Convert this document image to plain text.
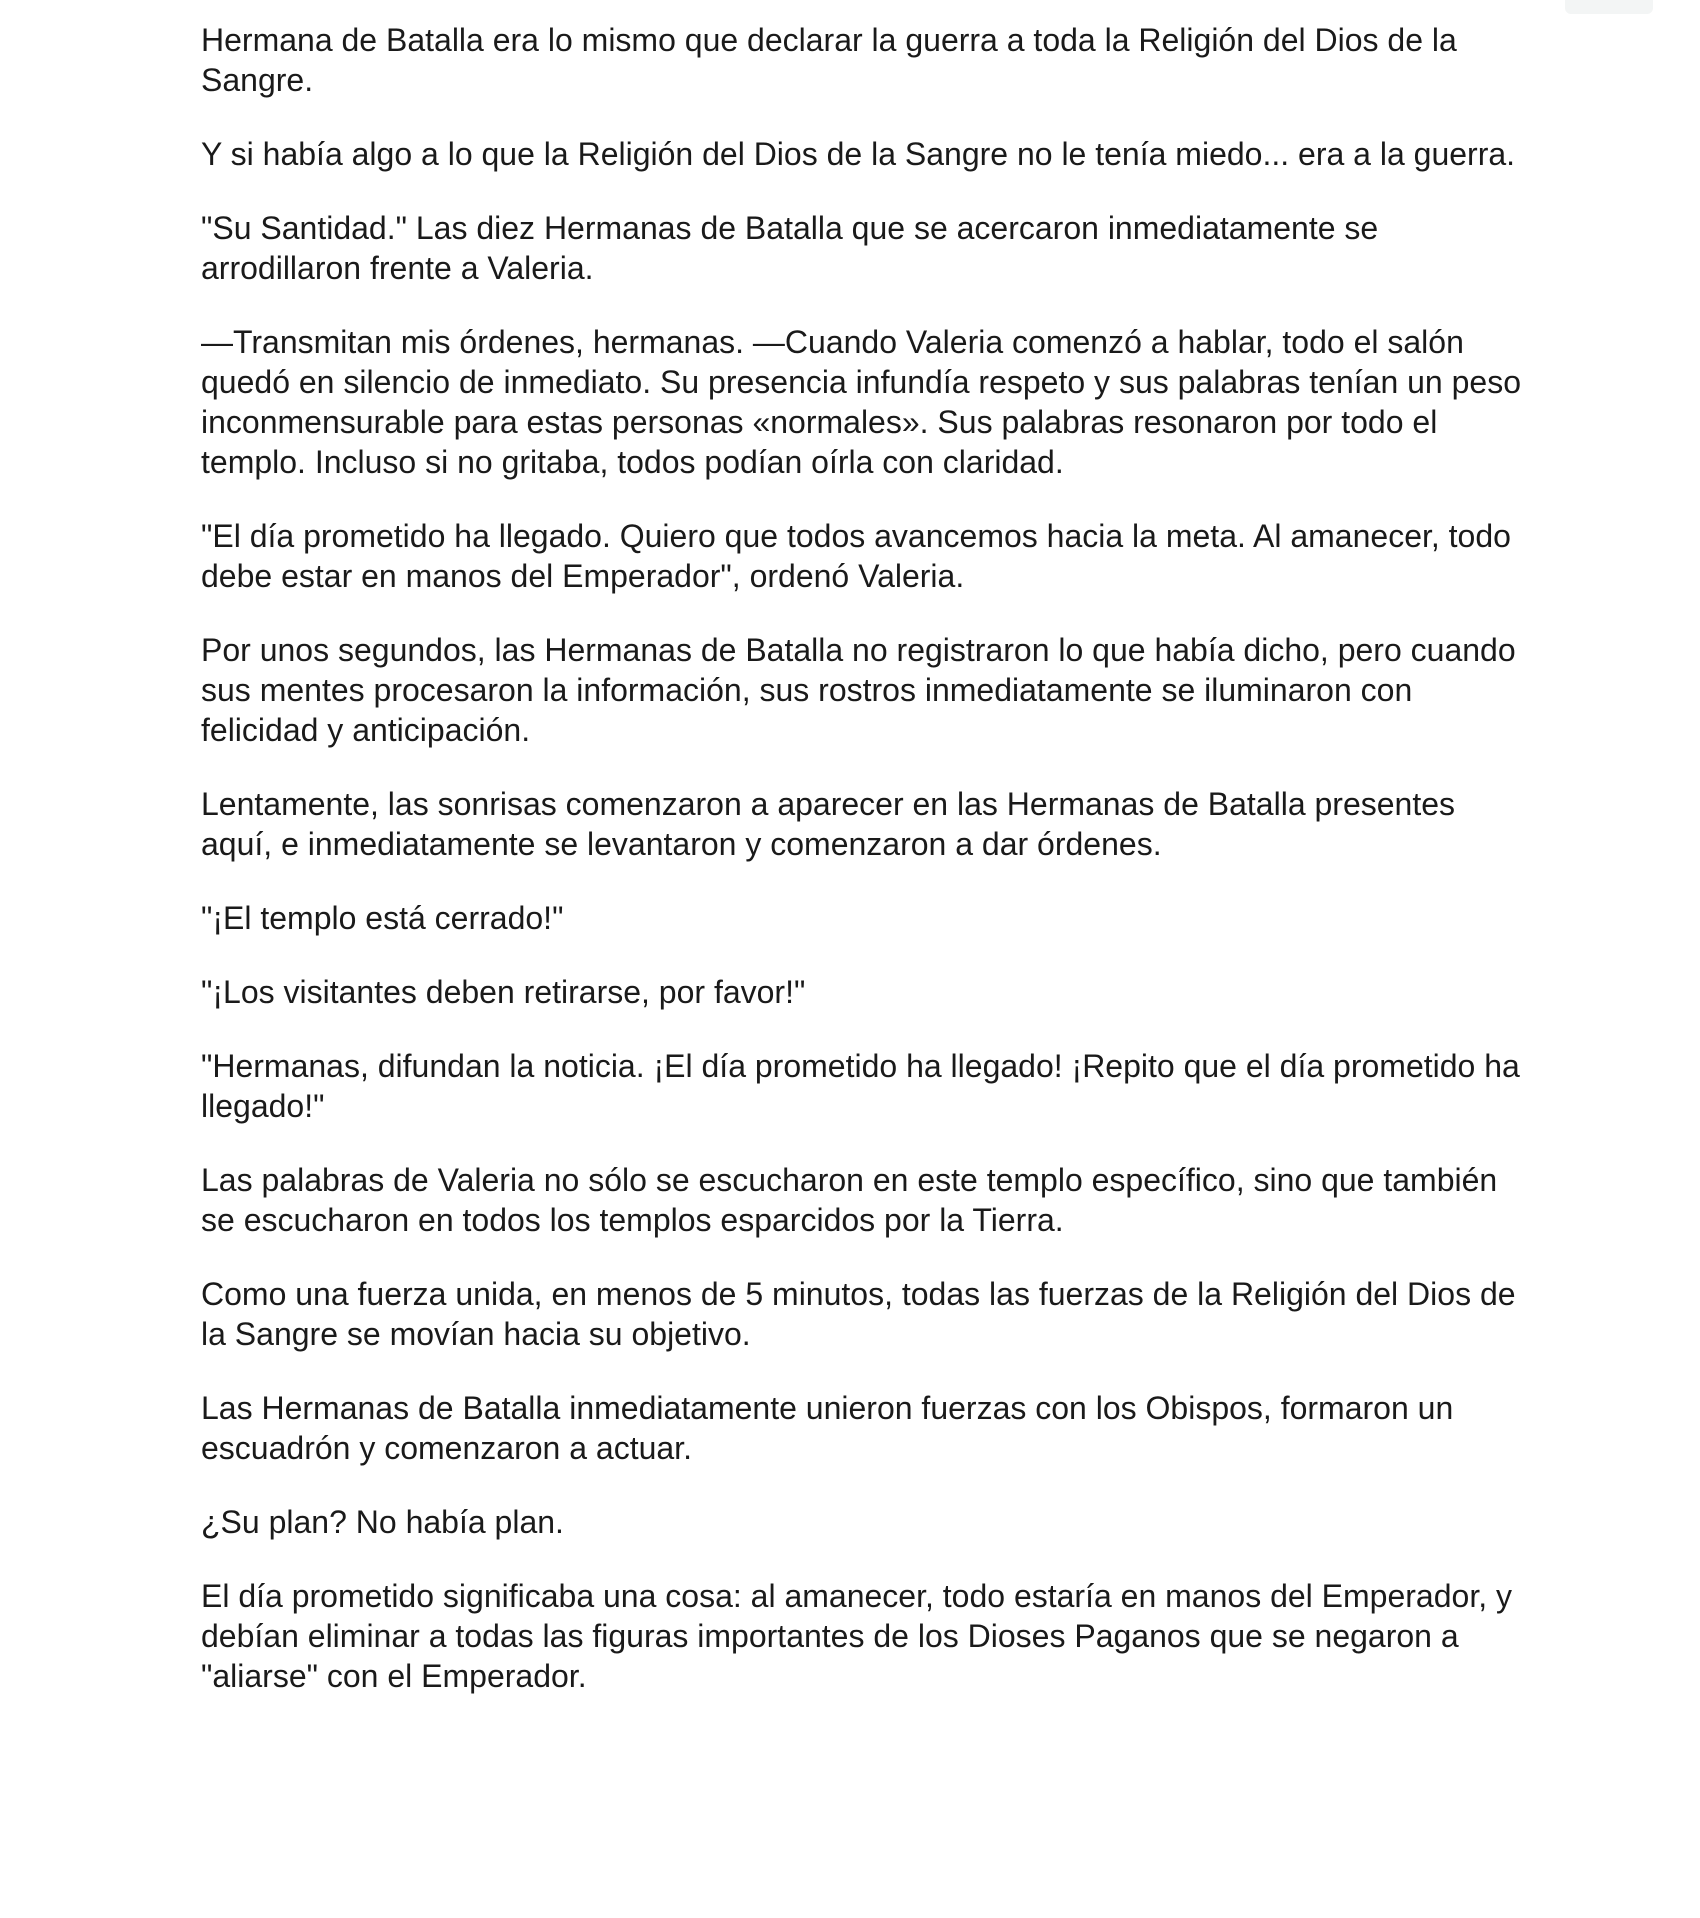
Hermana de Batalla era lo mismo que declarar la guerra a toda la Religión del Dios de la Sangre.

Y si había algo a lo que la Religión del Dios de la Sangre no le tenía miedo... era a la guerra.

"Su Santidad." Las diez Hermanas de Batalla que se acercaron inmediatamente se arrodillaron frente a Valeria.

—Transmitan mis órdenes, hermanas. —Cuando Valeria comenzó a hablar, todo el salón quedó en silencio de inmediato. Su presencia infundía respeto y sus palabras tenían un peso inconmensurable para estas personas «normales». Sus palabras resonaron por todo el templo. Incluso si no gritaba, todos podían oírla con claridad.

"El día prometido ha llegado. Quiero que todos avancemos hacia la meta. Al amanecer, todo debe estar en manos del Emperador", ordenó Valeria.

Por unos segundos, las Hermanas de Batalla no registraron lo que había dicho, pero cuando sus mentes procesaron la información, sus rostros inmediatamente se iluminaron con felicidad y anticipación.

Lentamente, las sonrisas comenzaron a aparecer en las Hermanas de Batalla presentes aquí, e inmediatamente se levantaron y comenzaron a dar órdenes.

"¡El templo está cerrado!"

"¡Los visitantes deben retirarse, por favor!"

"Hermanas, difundan la noticia. ¡El día prometido ha llegado! ¡Repito que el día prometido ha llegado!"

Las palabras de Valeria no sólo se escucharon en este templo específico, sino que también se escucharon en todos los templos esparcidos por la Tierra.

Como una fuerza unida, en menos de 5 minutos, todas las fuerzas de la Religión del Dios de la Sangre se movían hacia su objetivo.

Las Hermanas de Batalla inmediatamente unieron fuerzas con los Obispos, formaron un escuadrón y comenzaron a actuar.

¿Su plan? No había plan.

El día prometido significaba una cosa: al amanecer, todo estaría en manos del Emperador, y debían eliminar a todas las figuras importantes de los Dioses Paganos que se negaron a "aliarse" con el Emperador.
